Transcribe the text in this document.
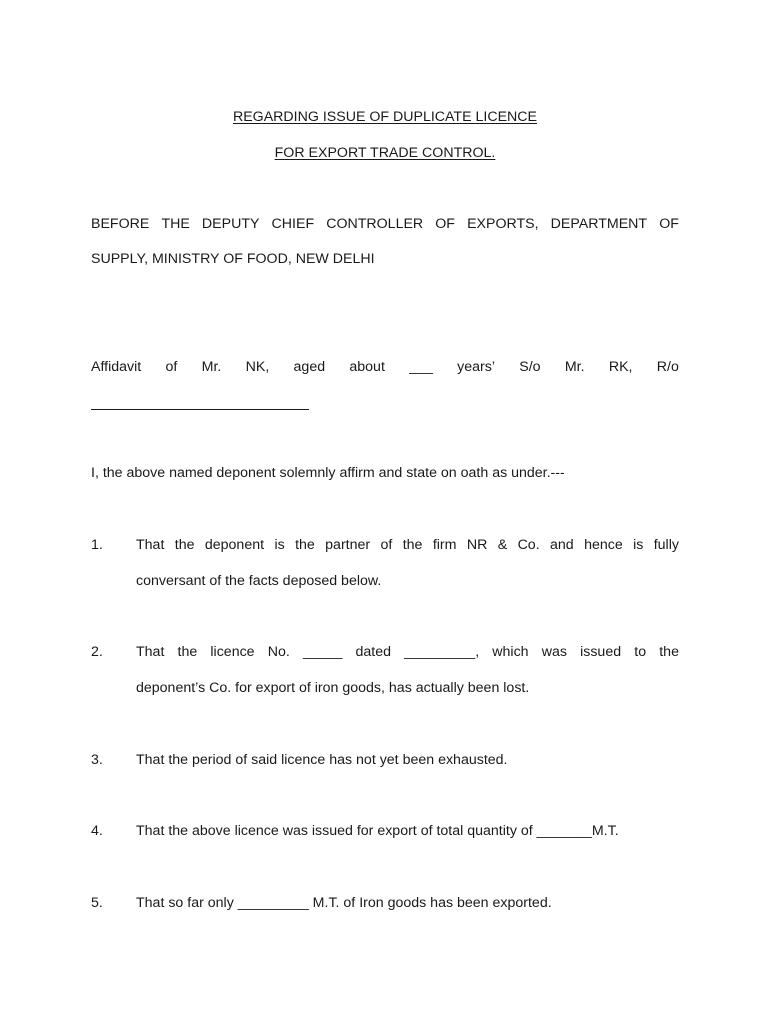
REGARDING ISSUE OF DUPLICATE LICENCE
FOR EXPORT TRADE CONTROL.
BEFORE THE DEPUTY CHIEF CONTROLLER OF EXPORTS, DEPARTMENT OF
SUPPLY, MINISTRY OF FOOD, NEW DELHI
Affidavit of Mr. NK, aged about ___ years’ S/o Mr. RK, R/o
I, the above named deponent solemnly affirm and state on oath as under.---
1. That the deponent is the partner of the firm NR & Co. and hence is fully
conversant of the facts deposed below.
2. That the licence No. _____ dated _________, which was issued to the
deponent’s Co. for export of iron goods, has actually been lost.
3. That the period of said licence has not yet been exhausted.
4. That the above licence was issued for export of total quantity of _______M.T.
5. That so far only _________ M.T. of Iron goods has been exported.
